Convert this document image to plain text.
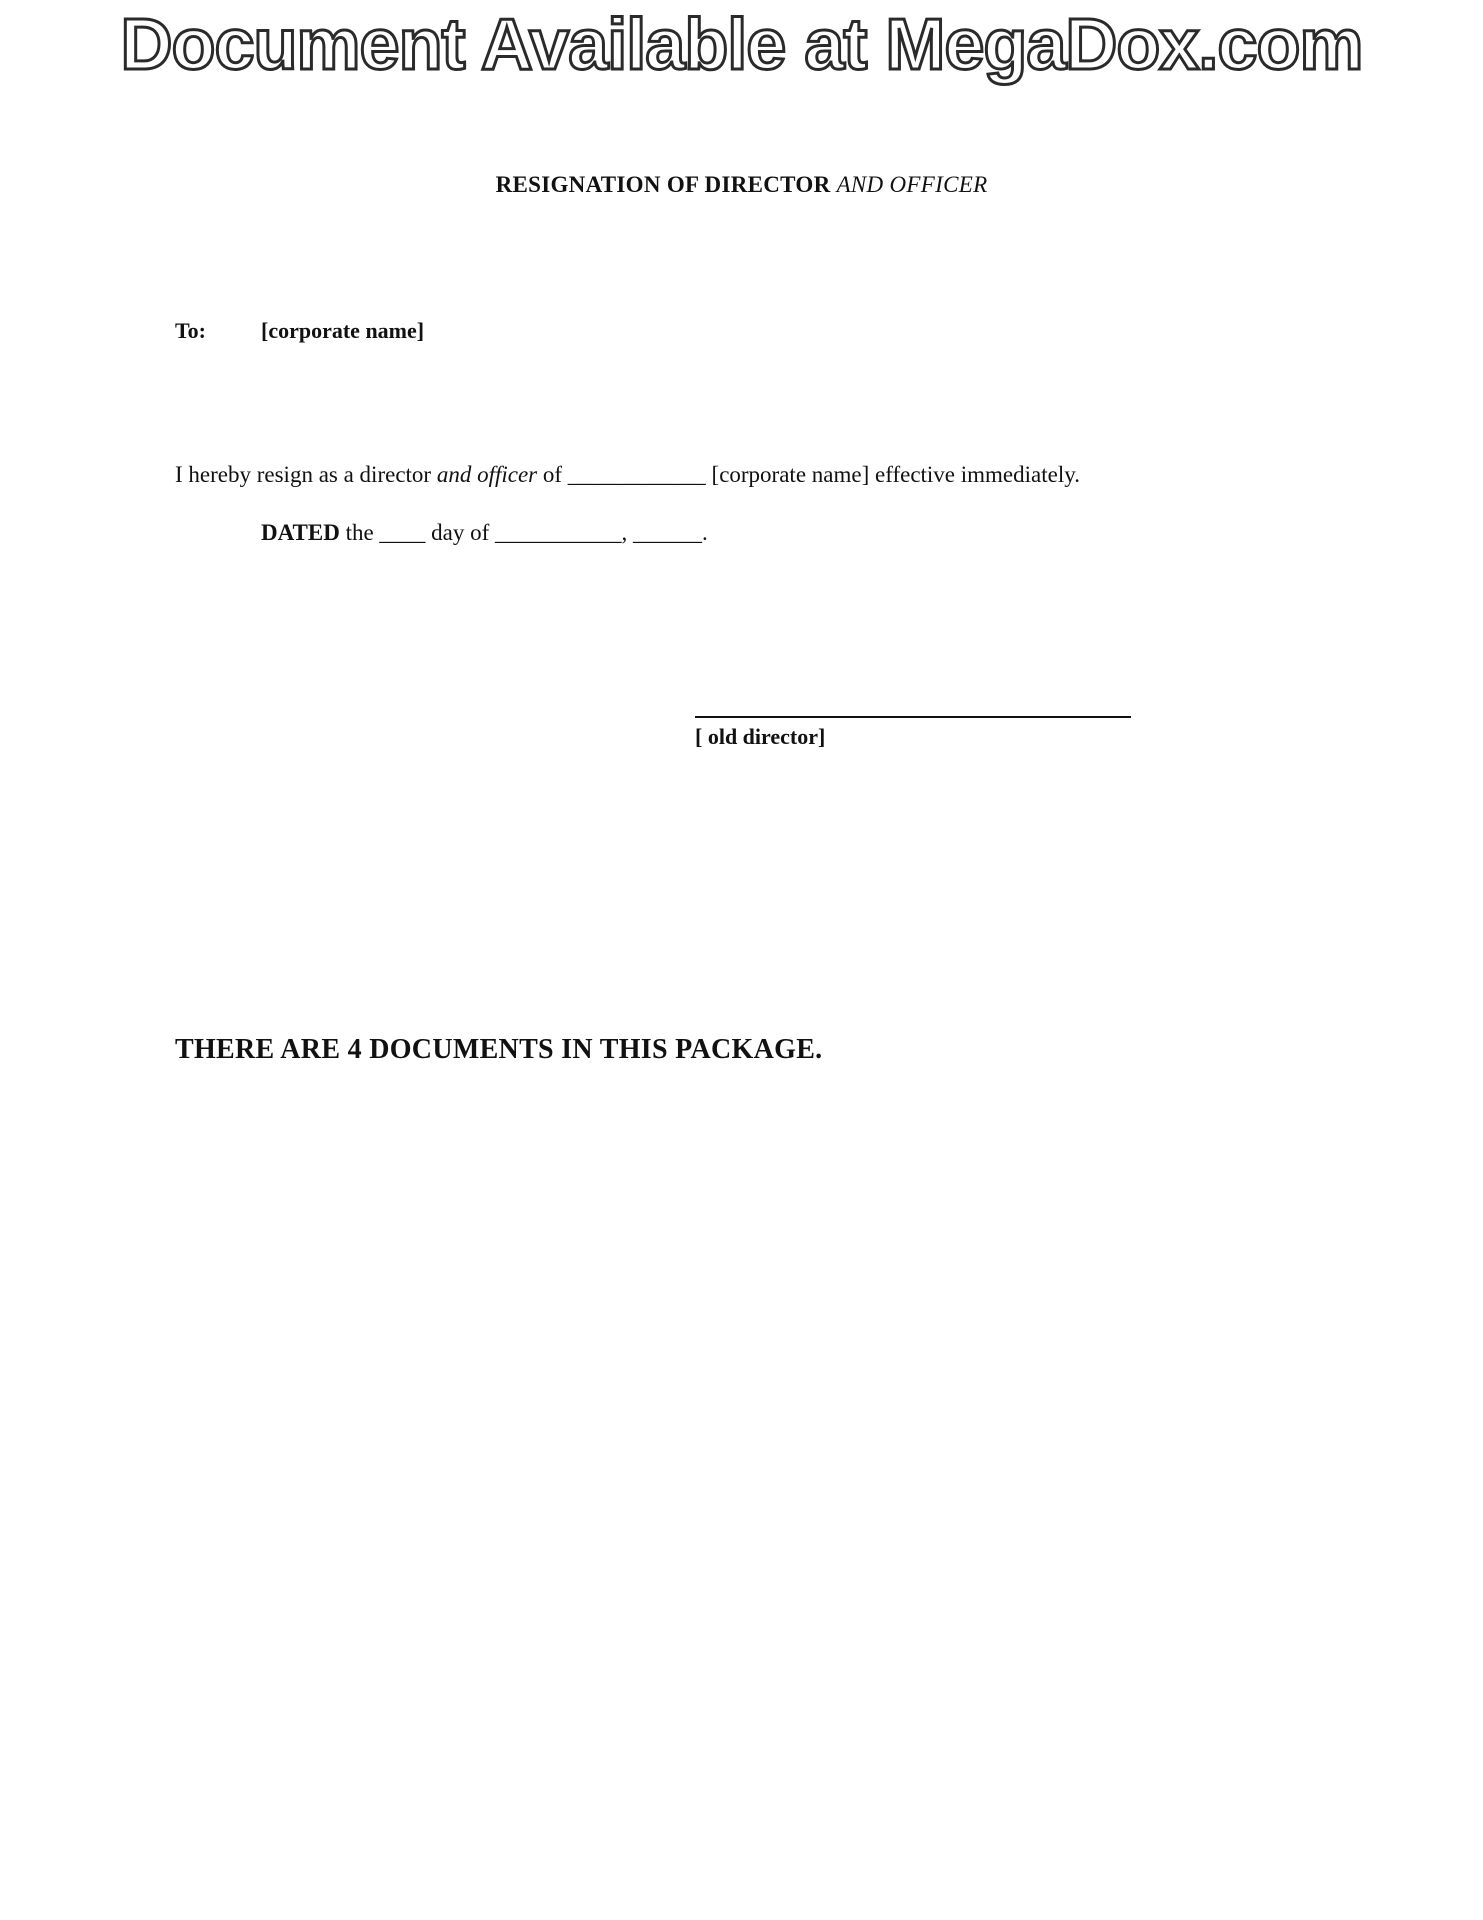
Document Available at MegaDox.com
RESIGNATION OF DIRECTOR AND OFFICER
To:	[corporate name]
I hereby resign as a director and officer of ____________ [corporate name] effective immediately.
DATED the ____ day of ___________, ______.
[ old director]
THERE ARE 4 DOCUMENTS IN THIS PACKAGE.
